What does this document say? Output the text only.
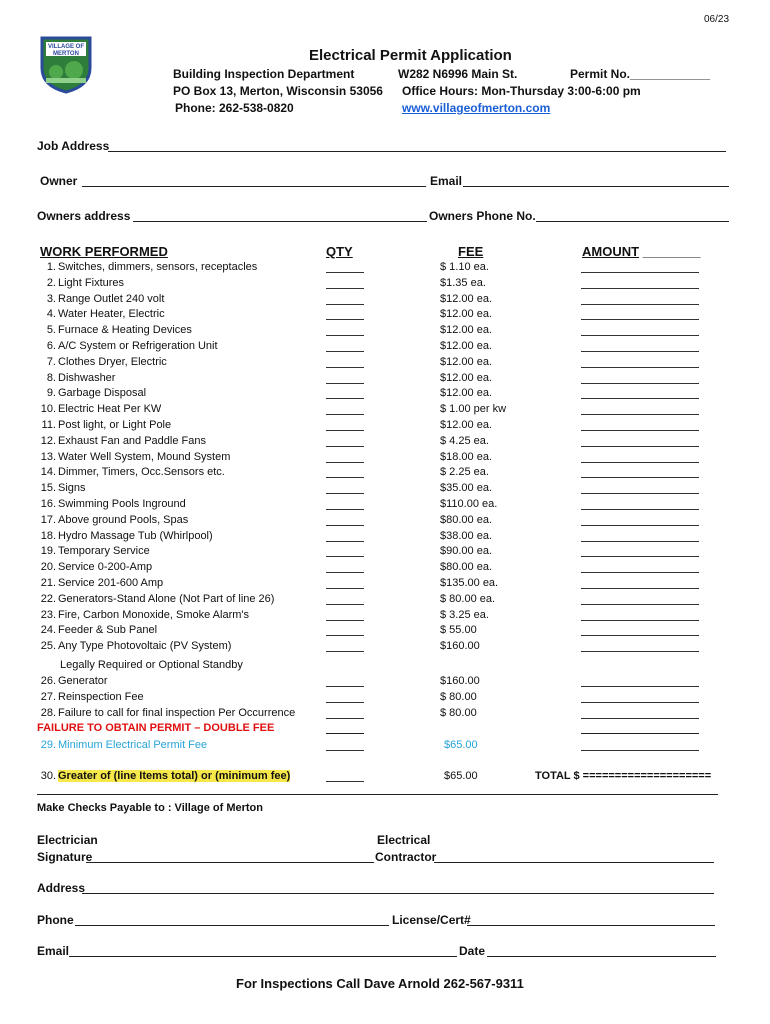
06/23
VILLAGE OF MERTON	Electrical Permit Application
Building Inspection Department	W282 N6996 Main St.	Permit No.____________
PO Box 13, Merton, Wisconsin 53056 Office Hours: Mon-Thursday 3:00-6:00 pm
Phone: 262-538-0820	www.villageofmerton.com
Job Address
Owner	Email
Owners address	Owners Phone No.
WORK PERFORMED	QTY	FEE	AMOUNT ________
1. Switches, dimmers, sensors, receptacles	$ 1.10 ea.
2. Light Fixtures	$1.35 ea.
3. Range Outlet 240 volt	$12.00 ea.
4. Water Heater, Electric	$12.00 ea.
5. Furnace & Heating Devices	$12.00 ea.
6. A/C System or Refrigeration Unit	$12.00 ea.
7. Clothes Dryer, Electric	$12.00 ea.
8. Dishwasher	$12.00 ea.
9. Garbage Disposal	$12.00 ea.
10. Electric Heat Per KW	$ 1.00 per kw
11. Post light, or Light Pole	$12.00 ea.
12. Exhaust Fan and Paddle Fans	$ 4.25 ea.
13. Water Well System, Mound System	$18.00 ea.
14. Dimmer, Timers, Occ.Sensors etc.	$ 2.25 ea.
15. Signs	$35.00 ea.
16. Swimming Pools Inground	$110.00 ea.
17. Above ground Pools, Spas	$80.00 ea.
18. Hydro Massage Tub (Whirlpool)	$38.00 ea.
19. Temporary Service	$90.00 ea.
20. Service 0-200-Amp	$80.00 ea.
21. Service 201-600 Amp	$135.00 ea.
22. Generators-Stand Alone (Not Part of line 26)	$ 80.00 ea.
23. Fire, Carbon Monoxide, Smoke Alarm's	$ 3.25 ea.
24. Feeder & Sub Panel	$ 55.00
25. Any Type Photovoltaic (PV System)	$160.00
Legally Required or Optional Standby
26. Generator	$160.00
27. Reinspection Fee	$ 80.00
28. Failure to call for final inspection Per Occurrence	$ 80.00
FAILURE TO OBTAIN PERMIT – DOUBLE FEE
29. Minimum Electrical Permit Fee	$65.00
30. Greater of (line Items total) or (minimum fee)	$65.00	TOTAL $ ====================
Make Checks Payable to : Village of Merton
Electrician	Electrical
Signature	Contractor
Address
Phone	License/Cert#
Email	Date
For Inspections Call Dave Arnold 262-567-9311
